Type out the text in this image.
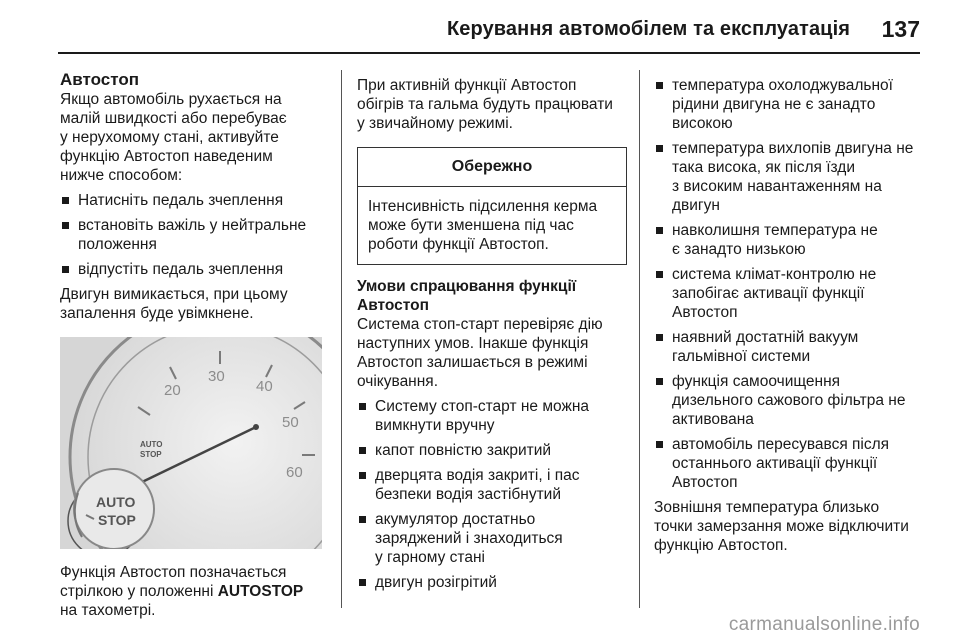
Керування автомобілем та експлуатація 137
Автостоп

Якщо автомобіль рухається на
малій швидкості або перебуває
у нерухомому стані, активуйте
функцію Автостоп наведеним
нижче способом:

Натисніть педаль зчеплення
встановіть важіль у нейтральне
положення
відпустіть педаль зчеплення

Двигун вимикається, при цьому
запалення буде увімкнене.

20
30
40
50
60
AUTO
STOP
AUTO
STOP

Функція Автостоп позначається
стрілкою у положенні AUTOSTOP
на тахометрі.

При активній функції Автостоп
обігрів та гальма будуть працювати
у звичайному режимі.

Обережно
Інтенсивність підсилення керма
може бути зменшена під час
роботи функції Автостоп.
Умови спрацювання функції
Автостоп

Система стоп-старт перевіряє дію
наступних умов. Інакше функція
Автостоп залишається в режимі
очікування.

Систему стоп-старт не можна
вимкнути вручну
капот повністю закритий
дверцята водія закриті, і пас
безпеки водія застібнутий
акумулятор достатньо
заряджений і знаходиться
у гарному стані
двигун розігрітий
температура охолоджувальної
рідини двигуна не є занадто
високою
температура вихлопів двигуна не
така висока, як після їзди
з високим навантаженням на
двигун
навколишня температура не
є занадто низькою
система клімат-контролю не
запобігає активації функції
Автостоп
наявний достатній вакуум
гальмівної системи
функція самоочищення
дизельного сажового фільтра не
активована
автомобіль пересувався після
останнього активації функції
Автостоп

Зовнішня температура близько
точки замерзання може відключити
функцію Автостоп.

carmanualsonline.info
